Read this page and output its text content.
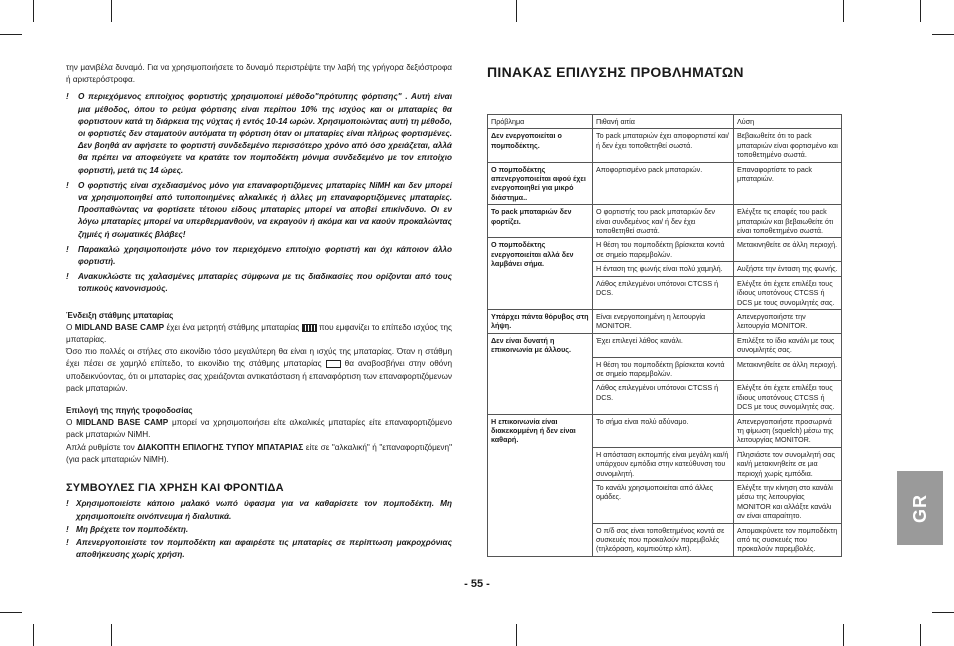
την μανιβέλα δυναμό. Για να χρησιμοποιήσετε το δυναμό περιστρέψτε την λαβή της γρήγορα δεξιόστροφα ή αριστερόστροφα.

!	Ο περιεχόμενος επιτοίχιος φορτιστής χρησιμοποιεί μέθοδο"πρότυπης φόρτισης" . Αυτή είναι μια μέθοδος, όπου το ρεύμα φόρτισης είναι περίπου 10% της ισχύος και οι μπαταρίες θα φορτιστουν κατά τη διάρκεια της νύχτας ή εντός 10-14 ωρών. Χρησιμοποιώντας αυτή τη μέθοδο, οι φορτιστές δεν σταματούν αυτόματα τη φόρτιση όταν οι μπαταρίες είναι πλήρως φορτισμένες. Δεν βοηθά αν αφήσετε το φορτιστή συνδεδεμένο περισσότερο χρόνο από όσο χρειάζεται, αλλά θα πρέπει να αποφεύγετε να κρατάτε τον πομποδέκτη μόνιμα συνδεδεμένο με τον επιτοίχιο φορτιστή, μετά τις 14 ώρες.
!	Ο φορτιστής είναι σχεδιασμένος μόνο για επαναφορτιζόμενες μπαταρίες NiMH και δεν μπορεί να χρησιμοποιηθεί από τυποποιημένες αλκαλικές ή άλλες μη επαναφορτιζόμενες μπαταρίες. Προσπαθώντας να φορτίσετε τέτοιου είδους μπαταρίες μπορεί να αποβεί επικίνδυνο. Οι εν λόγω μπαταρίες μπορεί να υπερθερμανθούν, να εκραγούν ή ακόμα και να καούν προκαλώντας ζημιές ή σωματικές βλάβες!
!	Παρακαλώ χρησιμοποιήστε μόνο τον περιεχόμενο επιτοίχιο φορτιστή και όχι κάποιον άλλο φορτιστή.
!	Ανακυκλώστε τις χαλασμένες μπαταρίες σύμφωνα με τις διαδικασίες που ορίζονται από τους τοπικούς κανονισμούς.
Ένδειξη στάθμης μπαταρίας

Ο MIDLAND BASE CAMP έχει ένα μετρητή στάθμης μπαταρίας  που εμφανίζει το επίπεδο ισχύος της μπαταρίας.

Όσο πιο πολλές οι στήλες στο εικονίδιο τόσο μεγαλύτερη θα είναι η ισχύς της μπαταρίας. Όταν η στάθμη έχει πέσει σε χαμηλό επίπεδο, το εικονίδιο της στάθμης μπαταρίας  θα αναβοσβήνει στην οθόνη υποδεικνύοντας, ότι οι μπαταρίες σας χρειάζονται αντικατάσταση ή επαναφόρτιση των επαναφορτιζόμενων pack μπαταριών.

Επιλογή της πηγής τροφοδοσίας

Ο MIDLAND BASE CAMP μπορεί να χρησιμοποιήσει είτε αλκαλικές μπαταρίες είτε επαναφορτιζόμενο pack μπαταριών NiMH.

Απλά ρυθμίστε τον ΔΙΑΚΟΠΤΗ ΕΠΙΛΟΓΗΣ ΤΥΠΟΥ ΜΠΑΤΑΡΙΑΣ είτε σε "αλκαλική" ή "επαναφορτιζόμενη" (για pack μπαταριών NiMH).

ΣΥΜΒΟΥΛΕΣ ΓΙΑ ΧΡΗΣΗ ΚΑΙ ΦΡΟΝΤΙΔΑ
! Χρησιμοποιείστε κάποιο μαλακό νωπό ύφασμα για να καθαρίσετε τον πομποδέκτη. Μη χρησιμοποιείτε οινόπνευμα ή διαλυτικά.
! Μη βρέχετε τον πομποδέκτη.
! Απενεργοποιείστε τον πομποδέκτη και αφαιρέστε τις μπαταρίες σε περίπτωση μακροχρόνιας αποθήκευσης χωρίς χρήση.
ΠΙΝΑΚΑΣ ΕΠΙΛΥΣΗΣ ΠΡΟΒΛΗΜΑΤΩΝ
Πρόβλημα	Πιθανή αιτία	Λύση
Δεν ενεργοποιείται ο πομποδέκτης.	Το pack μπαταριών έχει αποφορτιστεί και/ ή δεν έχει τοποθετηθεί σωστά.	Βεβαιωθείτε ότι το pack μπαταριών είναι φορτισμένο και τοποθετημένο σωστά.
Ο πομποδέκτης απενεργοποιείται αφού έχει ενεργοποιηθεί για μικρό διάστημα..	Αποφορτισμένο pack μπαταριών.	Επαναφορτίστε το pack μπαταριών.
Το pack μπαταριών δεν φορτίζει.	Ο φορτιστής του pack μπαταριών δεν είναι συνδεμένος και/ ή δεν έχει τοποθετηθεί σωστά.	Ελέγξτε τις επαφές του pack μπαταριών και βεβαιωθείτε ότι είναι τοποθετημένο σωστά.
Ο πομποδέκτης ενεργοποιείται αλλά δεν λαμβάνει σήμα.	Η θέση του πομποδέκτη βρίσκεται κοντά σε σημείο παρεμβολών.	Μετακινηθείτε σε άλλη περιοχή.
	Η ένταση της φωνής είναι πολύ χαμηλή.	Αυξήστε την ένταση της φωνής.
	Λάθος επιλεγμένοι υπότονοι CTCSS ή DCS.	Ελέγξτε ότι έχετε επιλέξει τους ίδιους υποτόνους CTCSS ή DCS με τους συνομιλητές σας.
Υπάρχει πάντα θόρυβος στη λήψη.	Είναι ενεργοποιημένη η λειτουργία MONITOR.	Απενεργοποιήστε την λειτουργία MONITOR.
Δεν είναι δυνατή η επικοινωνία με άλλους.	Έχει επιλεγεί λάθος κανάλι.	Επιλέξτε το ίδιο κανάλι με τους συνομιλητές σας.
	Η θέση του πομποδέκτη βρίσκεται κοντά σε σημείο παρεμβολών.	Μετακινηθείτε σε άλλη περιοχή.
	Λάθος επιλεγμένοι υπότονοι CTCSS ή DCS.	Ελέγξτε ότι έχετε επιλέξει τους ίδιους υποτόνους CTCSS ή DCS με τους συνομιλητές σας.
Η επικοινωνία είναι διακεκομμένη ή δεν είναι καθαρή.	Το σήμα είναι πολύ αδύναμο.	Απενεργοποιήστε προσωρινά τη φίμωση (squelch) μέσω της λειτουργίας MONITOR.
	Η απόσταση εκπομπής είναι μεγάλη και/ή υπάρχουν εμπόδια στην κατεύθυνση του συνομιλητή.	Πλησιάστε τον συνομιλητή σας και/ή μετακινηθείτε σε μια περιοχή χωρίς εμπόδια.
	Το κανάλι χρησιμοποιείται από άλλες ομάδες.	Ελέγξτε την κίνηση στο κανάλι μέσω της λειτουργίας MONITOR και αλλάξτε κανάλι αν είναι απαραίτητο.
	Ο π/δ σας είναι τοποθετημένος κοντά σε συσκευές που προκαλούν παρεμβολές (τηλεόραση, κομπιούτερ κλπ).	Απομακρύνετε τον πομποδέκτη από τις συσκευές που προκαλούν παρεμβολές.
GR
- 55 -
